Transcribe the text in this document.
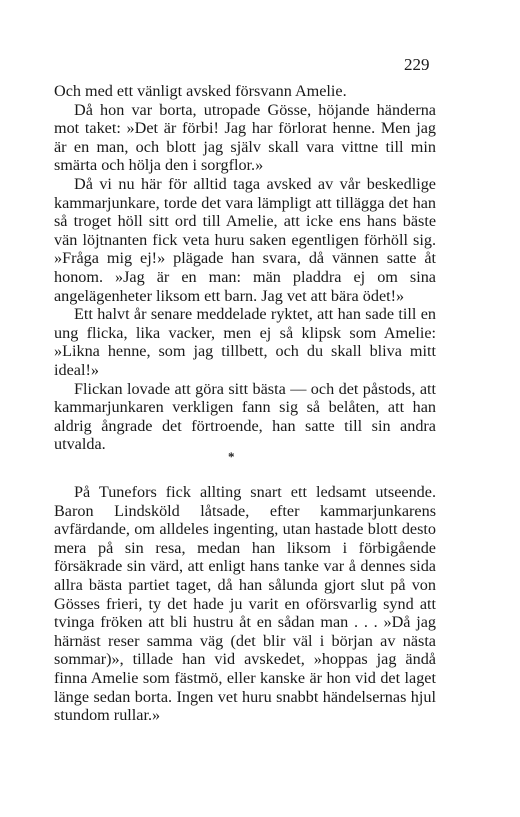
229

Och med ett vänligt avsked försvann Amelie.

Då hon var borta, utropade Gösse, höjande händerna mot taket: »Det är förbi! Jag har förlorat henne. Men jag är en man, och blott jag själv skall vara vittne till min smärta och hölja den i sorgflor.»

Då vi nu här för alltid taga avsked av vår beskedlige kammarjunkare, torde det vara lämpligt att tillägga det han så troget höll sitt ord till Amelie, att icke ens hans bäste vän löjtnanten fick veta huru saken egentligen förhöll sig. »Fråga mig ej!» plägade han svara, då vännen satte åt honom. »Jag är en man: män pladdra ej om sina angelägenheter liksom ett barn. Jag vet att bära ödet!»

Ett halvt år senare meddelade ryktet, att han sade till en ung flicka, lika vacker, men ej så klipsk som Amelie: »Likna henne, som jag tillbett, och du skall bliva mitt ideal!»

Flickan lovade att göra sitt bästa — och det påstods, att kammarjunkaren verkligen fann sig så belåten, att han aldrig ångrade det förtroende, han satte till sin andra utvalda.

*

På Tunefors fick allting snart ett ledsamt utseende. Baron Lindsköld låtsade, efter kammarjunkarens avfärdande, om alldeles ingenting, utan hastade blott desto mera på sin resa, medan han liksom i förbigående försäkrade sin värd, att enligt hans tanke var å dennes sida allra bästa partiet taget, då han sålunda gjort slut på von Gösses frieri, ty det hade ju varit en oförsvarlig synd att tvinga fröken att bli hustru åt en sådan man . . . »Då jag härnäst reser samma väg (det blir väl i början av nästa sommar)», tillade han vid avskedet, »hoppas jag ändå finna Amelie som fästmö, eller kanske är hon vid det laget länge sedan borta. Ingen vet huru snabbt händelsernas hjul stundom rullar.»
